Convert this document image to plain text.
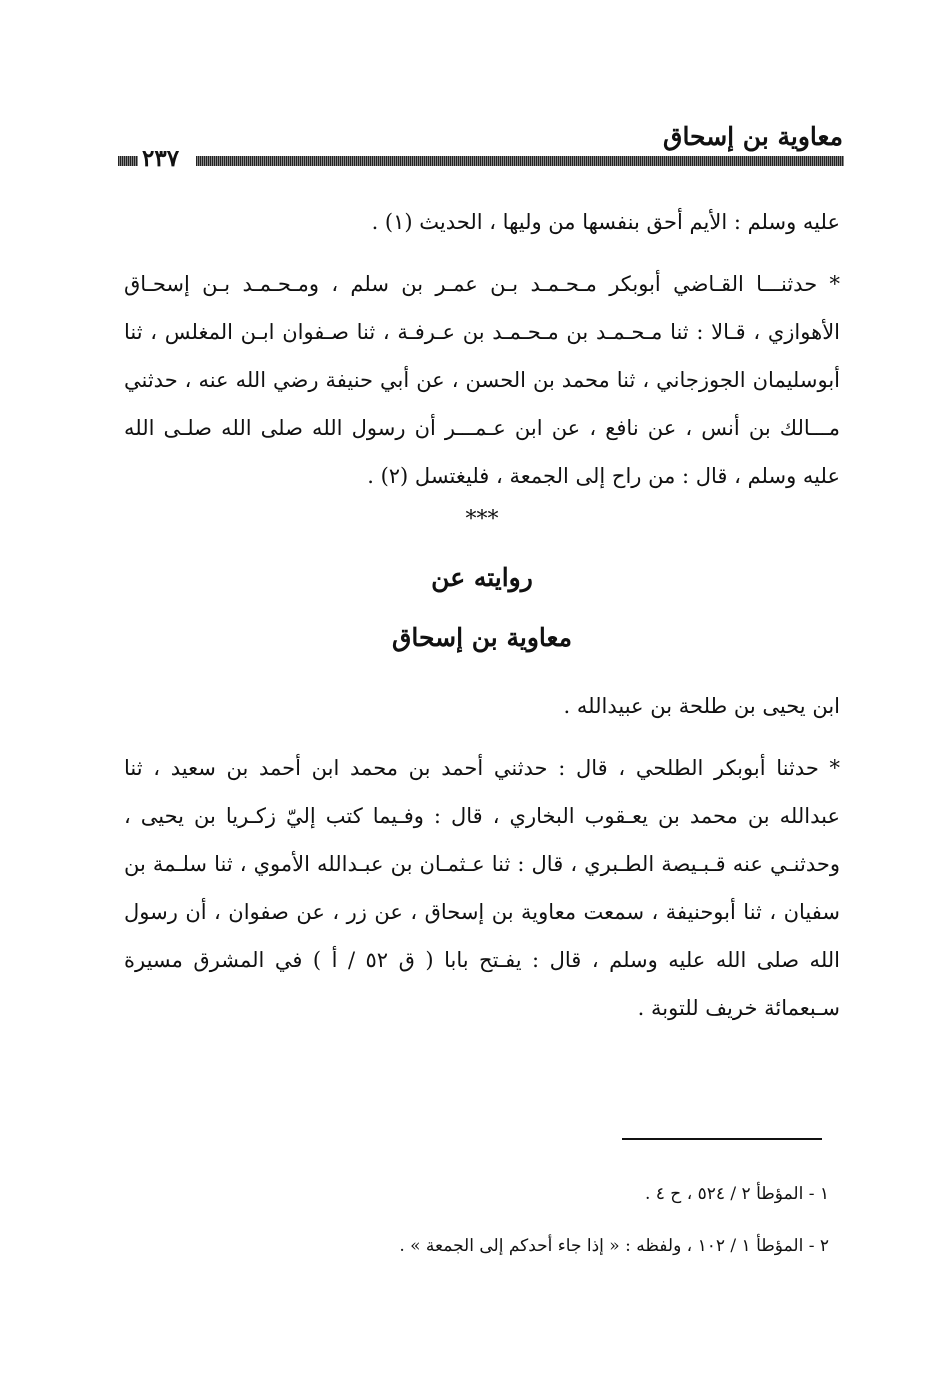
معاوية بن إسحاق
٢٣٧

عليه وسلم : الأيم أحق بنفسها من وليها ، الحديث (١) .

* حدثنـــا القـاضي أبوبكر مـحـمـد بـن عمـر بن سلم ، ومـحـمـد بـن إسحـاق الأهوازي ، قـالا : ثنا مـحـمـد بن مـحـمـد بن عـرفـة ، ثنا صـفوان ابـن المغلس ، ثنا أبوسليمان الجوزجاني ، ثنا محمد بن الحسن ، عن أبي حنيفة رضي الله عنه ، حدثني مـــالك بن أنس ، عن نافع ، عن ابن عـمـــر أن رسول الله صلى الله صلـى الله عليه وسلم ، قال : من راح إلى الجمعة ، فليغتسل (٢) .

***

روايته عن

معاوية بن إسحاق

ابن يحيى بن طلحة بن عبيدالله .

* حدثنا أبوبكر الطلحي ، قال : حدثني أحمد بن محمد ابن أحمد بن سعيد ، ثنا عبدالله بن محمد بن يعـقوب البخاري ، قال : وفـيما كتب إليّ زكـريا بن يحيى ، وحدثنـي عنه قـبـيصة الطـبري ، قال : ثنا عـثمـان بن عبـدالله الأموي ، ثنا سلـمة بن سفيان ، ثنا أبوحنيفة ، سمعت معاوية بن إسحاق ، عن زر ، عن صفوان ، أن رسول الله صلى الله عليه وسلم ، قال : يفـتح بابا ( ق ٥٢ / أ ) في المشرق مسيرة سـبعمائة خريف للتوبة .

١ - المؤطأ ٢ / ٥٢٤ ، ح ٤ .
٢ - المؤطأ ١ / ١٠٢ ، ولفظه : « إذا جاء أحدكم إلى الجمعة » .
